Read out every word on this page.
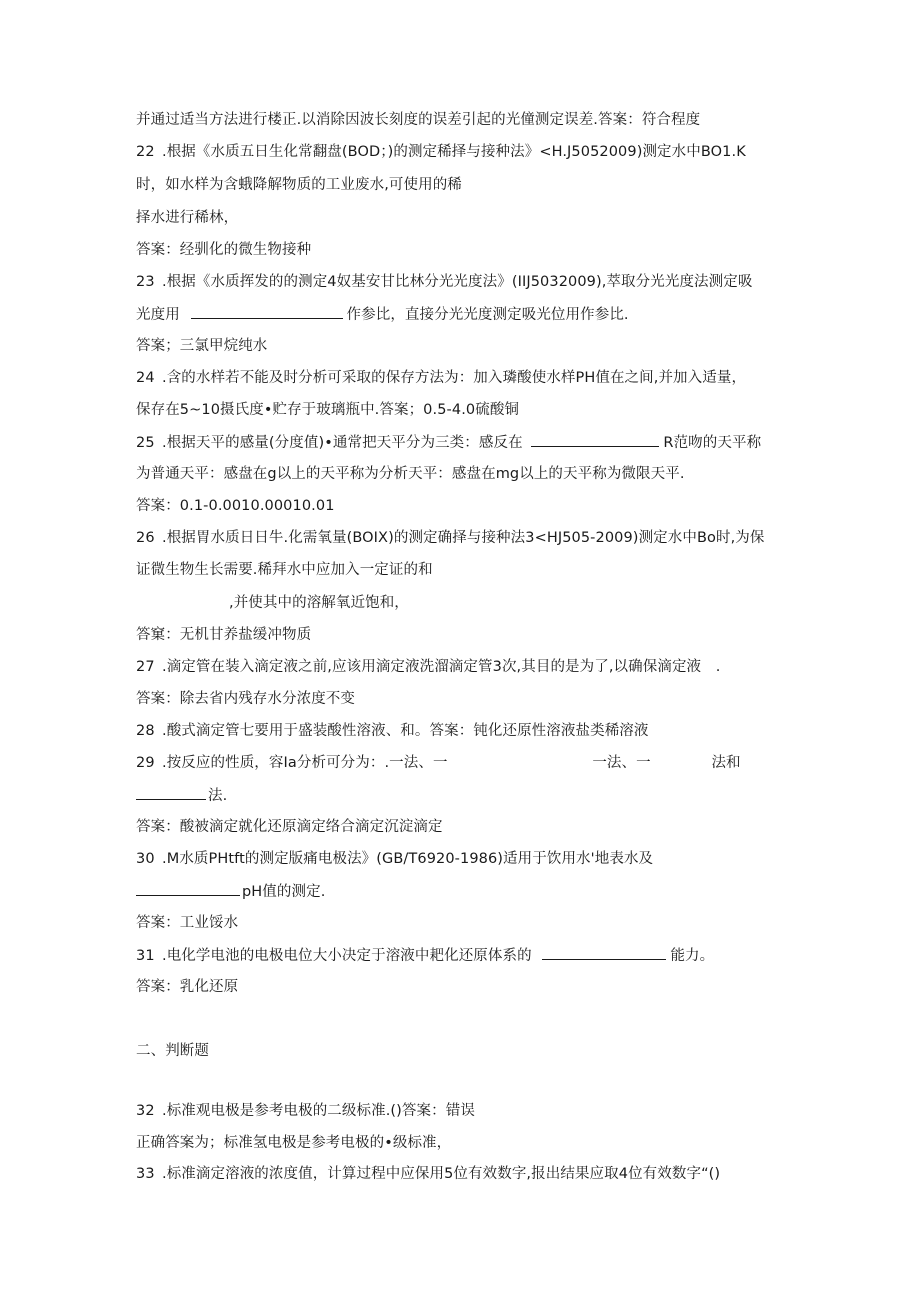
并通过适当方法进行楼正.以消除因波长刻度的误差引起的光僮测定误差.答案：符合程度
22 .根据《水质五日生化常翻盘(BOD；)的测定稀择与接种法》<H.J5052009)测定水中BO1.K
时，如水样为含蛾降解物质的工业废水,可使用的稀
择水进行稀林，
答案：经驯化的微生物接种
23 .根据《水质挥发的的测定4奴基安甘比林分光光度法》(IIJ5032009),萃取分光光度法测定吸
光度用	作参比，直接分光光度测定吸光位用作参比.
答案；三氯甲烷纯水
24 .含的水样若不能及时分析可采取的保存方法为：加入璘酸使水样PH值在之间,并加入适量，
保存在5~10摄氏度•贮存于玻璃瓶中.答案；0.5-4.0硫酸铜
25 .根据天平的感量(分度值)•通常把天平分为三类：感反在	R范吻的天平称
为普通天平：感盘在g以上的天平称为分析天平：感盘在mg以上的天平称为微限天平.
答案：0.1-0.0010.00010.01
26 .根据胃水质日日牛.化需氧量(BOIX)的测定确择与接种法3<HJ505-2009)测定水中Bo时,为保
证微生物生长需要.稀拜水中应加入一定证的和
,并使其中的溶解氧近饱和，
答窠：无机甘养盐缓冲物质
27 .滴定管在装入滴定液之前,应该用滴定液洗溜滴定管3次,其目的是为了,以确保滴定液　.
答案：除去省内残存水分浓度不变
28 .酸式滴定管七要用于盛装酸性溶液、和。答案：钝化还原性溶液盐类稀溶液
29 .按反应的性质，容Ia分析可分为：.一法、一	一法、一	法和
法.
答案：酸被滴定就化还原滴定络合滴定沉淀滴定
30 .M水质PHtft的测定版痛电极法》(GB/T6920-1986)适用于饮用水'地表水及
pH值的测定.
答案：工业馁水
31 .电化学电池的电极电位大小决定于溶液中耙化还原体系的	能力。
答案：乳化还原
二、判断题
32 .标准观电极是参考电极的二级标准.()答案：错误
正确答案为；标准氢电极是参考电极的•级标准，
33 .标准滴定溶液的浓度值，计算过程中应保用5位有效数字,报出结果应取4位有效数字“()
